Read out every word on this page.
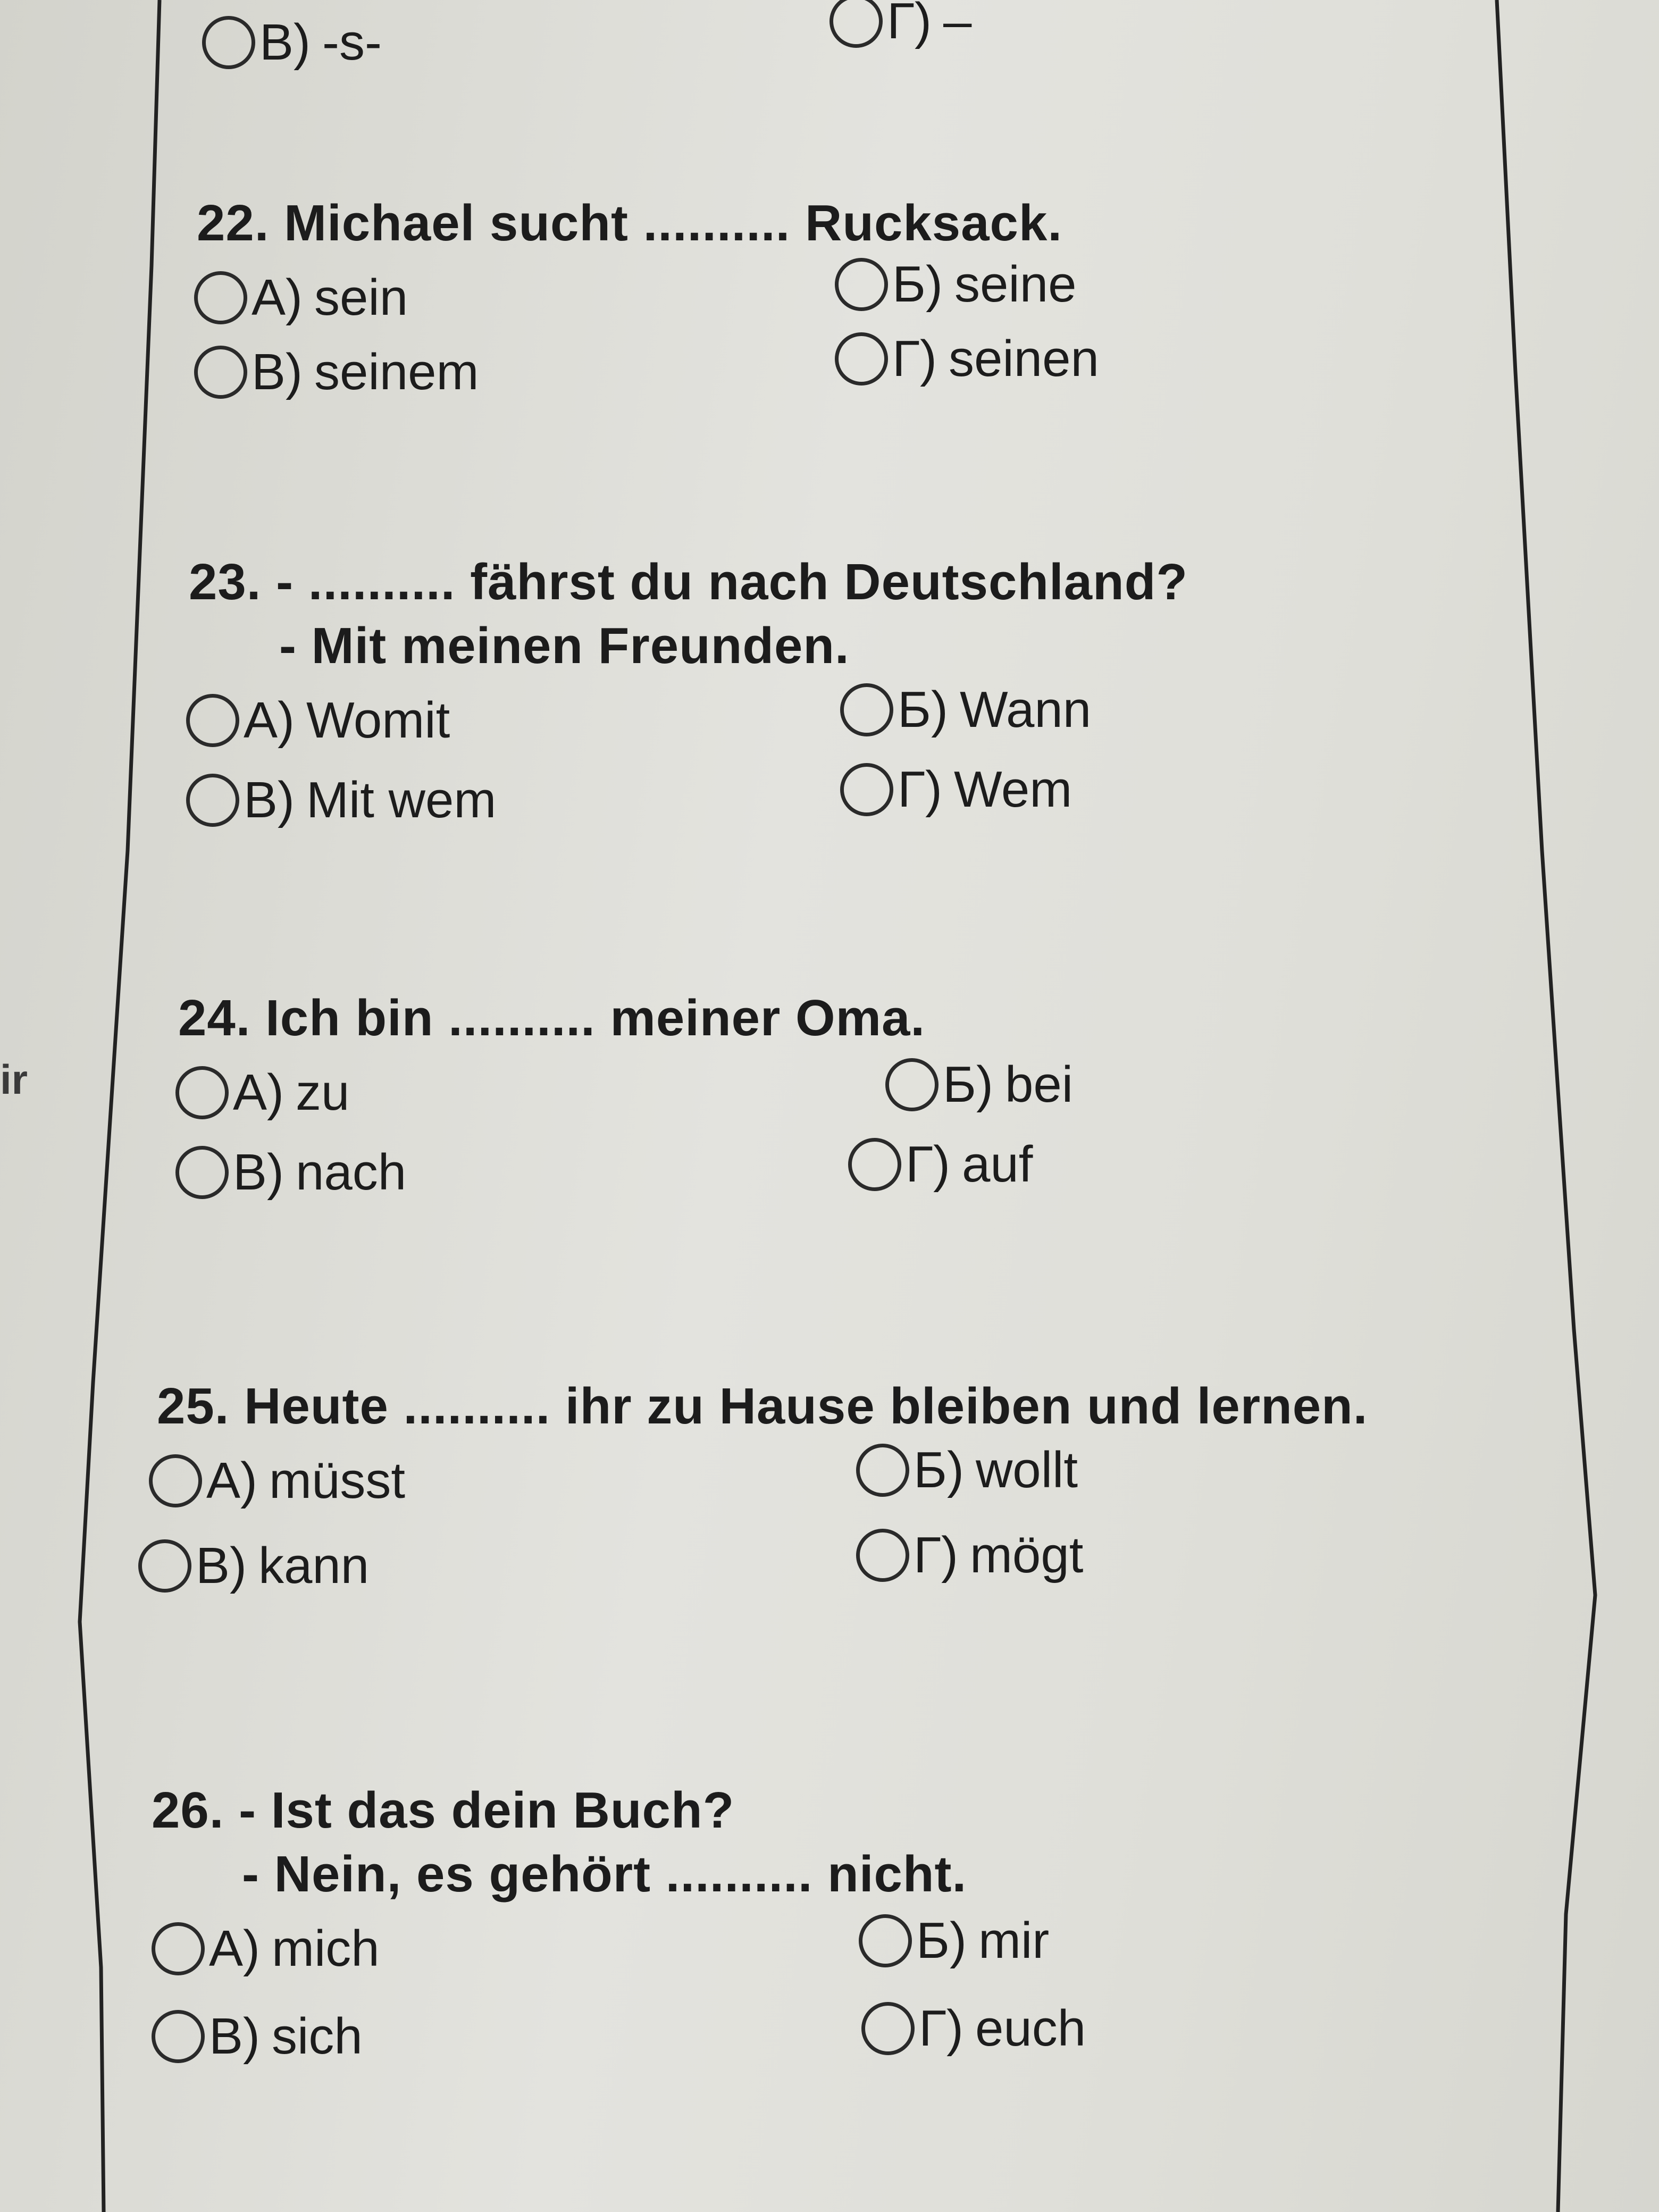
ir
B) -s-	Г) –
22. Michael sucht .......... Rucksack.
A) sein	Б) seine
B) seinem	Г) seinen
23. - .......... fährst du nach Deutschland?
- Mit meinen Freunden.
A) Womit	Б) Wann
B) Mit wem	Г) Wem
24. Ich bin .......... meiner Oma.
A) zu	Б) bei
B) nach	Г) auf
25. Heute .......... ihr zu Hause bleiben und lernen.
A) müsst	Б) wollt
B) kann	Г) mögt
26. - Ist das dein Buch?
- Nein, es gehört .......... nicht.
A) mich	Б) mir
B) sich	Г) euch
